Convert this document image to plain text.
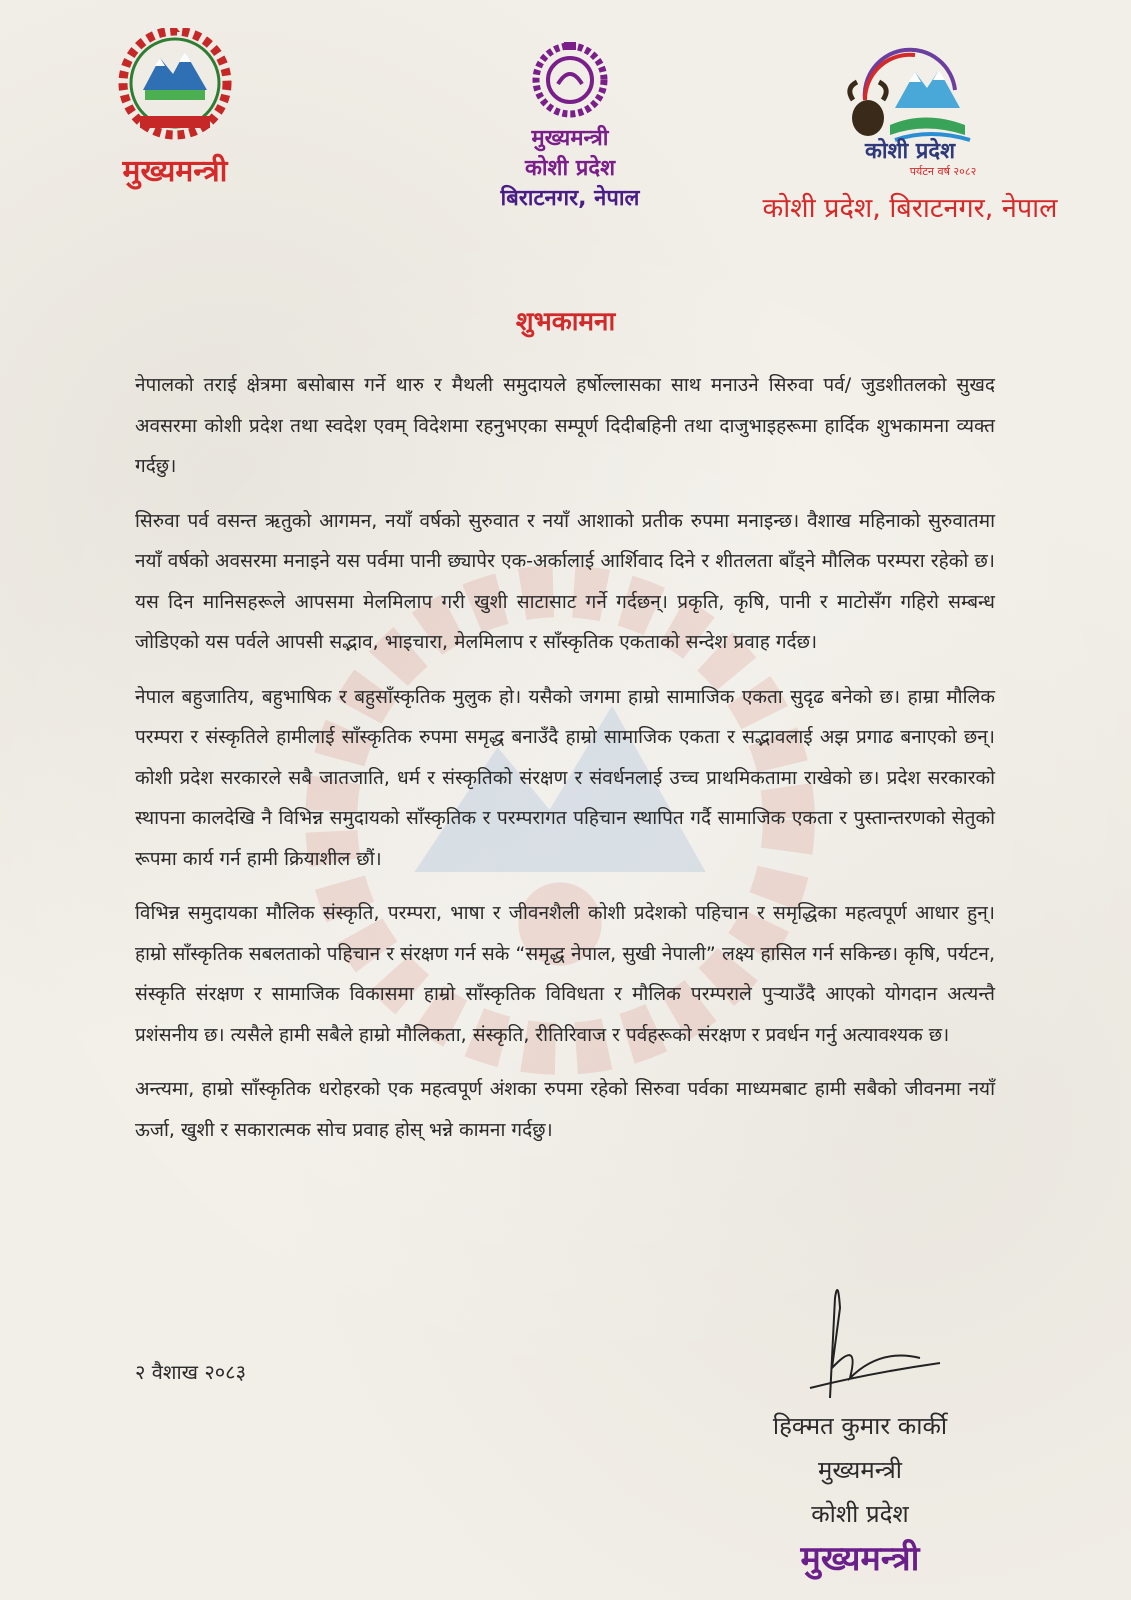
मुख्यमन्त्री
मुख्यमन्त्री
कोशी प्रदेश
बिराटनगर, नेपाल
कोशी प्रदेश
पर्यटन वर्ष २०८२
कोशी प्रदेश, बिराटनगर, नेपाल
शुभकामना

नेपालको तराई क्षेत्रमा बसोबास गर्ने थारु र मैथली समुदायले हर्षोल्लासका साथ मनाउने सिरुवा पर्व/ जुडशीतलको सुखद अवसरमा कोशी प्रदेश तथा स्वदेश एवम् विदेशमा रहनुभएका सम्पूर्ण दिदीबहिनी तथा दाजुभाइहरूमा हार्दिक शुभकामना व्यक्त गर्दछु।

सिरुवा पर्व वसन्त ऋतुको आगमन, नयाँ वर्षको सुरुवात र नयाँ आशाको प्रतीक रुपमा मनाइन्छ। वैशाख महिनाको सुरुवातमा नयाँ वर्षको अवसरमा मनाइने यस पर्वमा पानी छ्यापेर एक-अर्कालाई आर्शिवाद दिने र शीतलता बाँड्ने मौलिक परम्परा रहेको छ। यस दिन मानिसहरूले आपसमा मेलमिलाप गरी खुशी साटासाट गर्ने गर्दछन्। प्रकृति, कृषि, पानी र माटोसँग गहिरो सम्बन्ध जोडिएको यस पर्वले आपसी सद्भाव, भाइचारा, मेलमिलाप र साँस्कृतिक एकताको सन्देश प्रवाह गर्दछ।

नेपाल बहुजातिय, बहुभाषिक र बहुसाँस्कृतिक मुलुक हो। यसैको जगमा हाम्रो सामाजिक एकता सुदृढ बनेको छ। हाम्रा मौलिक परम्परा र संस्कृतिले हामीलाई साँस्कृतिक रुपमा समृद्ध बनाउँदै हाम्रो सामाजिक एकता र सद्भावलाई अझ प्रगाढ बनाएको छन्। कोशी प्रदेश सरकारले सबै जातजाति, धर्म र संस्कृतिको संरक्षण र संवर्धनलाई उच्च प्राथमिकतामा राखेको छ। प्रदेश सरकारको स्थापना कालदेखि नै विभिन्न समुदायको साँस्कृतिक र परम्परागत पहिचान स्थापित गर्दै सामाजिक एकता र पुस्तान्तरणको सेतुको रूपमा कार्य गर्न हामी क्रियाशील छौं।

विभिन्न समुदायका मौलिक संस्कृति, परम्परा, भाषा र जीवनशैली कोशी प्रदेशको पहिचान र समृद्धिका महत्वपूर्ण आधार हुन्। हाम्रो साँस्कृतिक सबलताको पहिचान र संरक्षण गर्न सके “समृद्ध नेपाल, सुखी नेपाली” लक्ष्य हासिल गर्न सकिन्छ। कृषि, पर्यटन, संस्कृति संरक्षण र सामाजिक विकासमा हाम्रो साँस्कृतिक विविधता र मौलिक परम्पराले पुऱ्याउँदै आएको योगदान अत्यन्तै प्रशंसनीय छ। त्यसैले हामी सबैले हाम्रो मौलिकता, संस्कृति, रीतिरिवाज र पर्वहरूको संरक्षण र प्रवर्धन गर्नु अत्यावश्यक छ।

अन्त्यमा, हाम्रो साँस्कृतिक धरोहरको एक महत्वपूर्ण अंशका रुपमा रहेको सिरुवा पर्वका माध्यमबाट हामी सबैको जीवनमा नयाँ ऊर्जा, खुशी र सकारात्मक सोच प्रवाह होस् भन्ने कामना गर्दछु।

२ वैशाख २०८३
हिक्मत कुमार कार्की
मुख्यमन्त्री
कोशी प्रदेश
मुख्यमन्त्री
